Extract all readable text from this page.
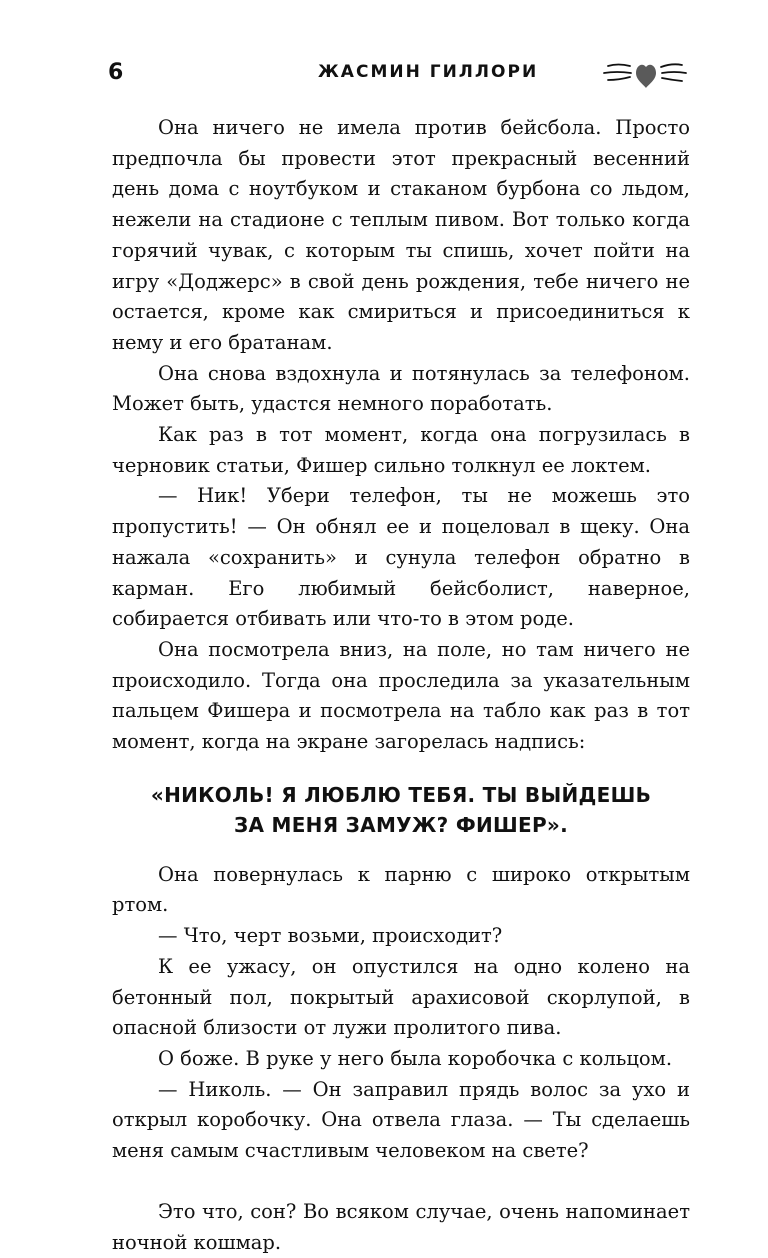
6	ЖАСМИН ГИЛЛОРИ

Она ничего не имела против бейсбола. Просто предпочла бы провести этот прекрасный весенний день дома с ноутбуком и стаканом бурбона со льдом, нежели на стадионе с теплым пивом. Вот только когда горячий чувак, с которым ты спишь, хочет пойти на игру «Доджерс» в свой день рождения, тебе ничего не остается, кроме как смириться и присоединиться к нему и его братанам.

Она снова вздохнула и потянулась за телефоном. Может быть, удастся немного поработать.

Как раз в тот момент, когда она погрузилась в черновик статьи, Фишер сильно толкнул ее локтем.

— Ник! Убери телефон, ты не можешь это пропустить! — Он обнял ее и поцеловал в щеку. Она нажала «сохранить» и сунула телефон обратно в карман. Его любимый бейсболист, наверное, собирается отбивать или что-то в этом роде.

Она посмотрела вниз, на поле, но там ничего не происходило. Тогда она проследила за указательным пальцем Фишера и посмотрела на табло как раз в тот момент, когда на экране загорелась надпись:

«НИКОЛЬ! Я ЛЮБЛЮ ТЕБЯ. ТЫ ВЫЙДЕШЬ
ЗА МЕНЯ ЗАМУЖ? ФИШЕР».

Она повернулась к парню с широко открытым ртом.

— Что, черт возьми, происходит?

К ее ужасу, он опустился на одно колено на бетонный пол, покрытый арахисовой скорлупой, в опасной близости от лужи пролитого пива.

О боже. В руке у него была коробочка с кольцом.

— Николь. — Он заправил прядь волос за ухо и открыл коробочку. Она отвела глаза. — Ты сделаешь меня самым счастливым человеком на свете?

Это что, сон? Во всяком случае, очень напоминает ночной кошмар.
